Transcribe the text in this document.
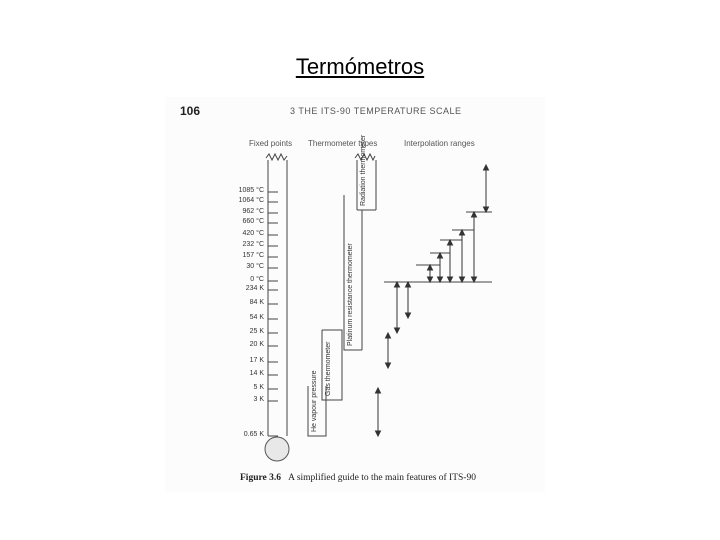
Termómetros
106	3 THE ITS-90 TEMPERATURE SCALE
Fixed points Thermometer types	Interpolation ranges
1085 °C
1064 °C
962 °C
660 °C
420 °C
232 °C
157 °C
30 °C
0 °C
234 K
84 K
54 K
25 K
20 K
17 K
14 K
5 K
3 K
0.65 K
Radiation thermometer
Platinum resistance thermometer
Gas thermometer
He vapour pressure
Figure 3.6 A simplified guide to the main features of ITS-90
